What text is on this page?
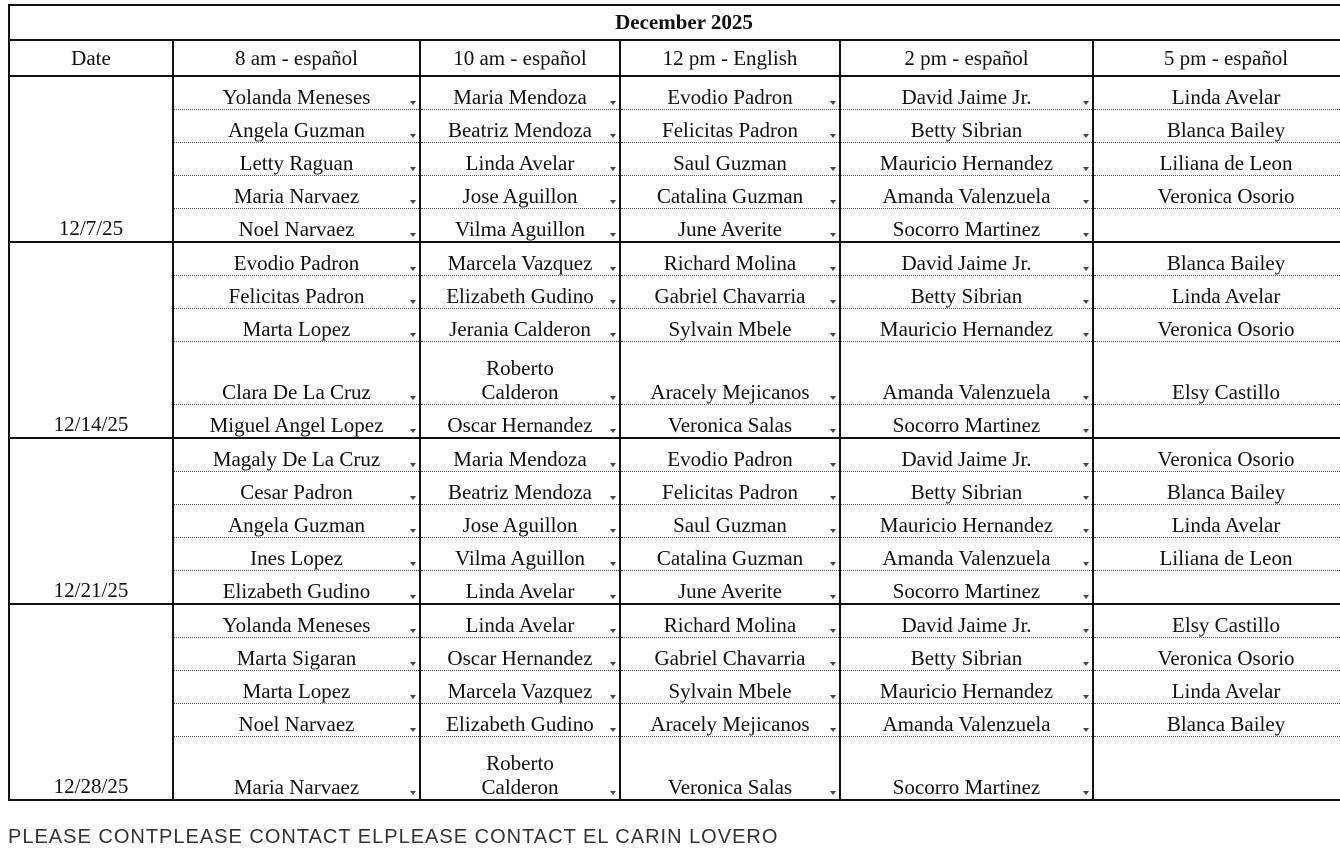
December 2025					
Date	8 am - español	10 am - español	12 pm - English	2 pm - español	5 pm - español
12/7/25	Yolanda Meneses	Maria Mendoza	Evodio Padron	David Jaime Jr.	Linda Avelar

	Angela Guzman	Beatriz Mendoza	Felicitas Padron	Betty Sibrian	Blanca Bailey

	Letty Raguan	Linda Avelar	Saul Guzman	Mauricio Hernandez	Liliana de Leon

	Maria Narvaez	Jose Aguillon	Catalina Guzman	Amanda Valenzuela	Veronica Osorio

	Noel Narvaez	Vilma Aguillon	June Averite	Socorro Martinez

12/14/25	Evodio Padron	Marcela Vazquez	Richard Molina	David Jaime Jr.	Blanca Bailey

	Felicitas Padron	Elizabeth Gudino	Gabriel Chavarria	Betty Sibrian	Linda Avelar

	Marta Lopez	Jerania Calderon	Sylvain Mbele	Mauricio Hernandez	Veronica Osorio

	Clara De La Cruz	Roberto Calderon	Aracely Mejicanos	Amanda Valenzuela	Elsy Castillo

	Miguel Angel Lopez	Oscar Hernandez	Veronica Salas	Socorro Martinez

12/21/25	Magaly De La Cruz	Maria Mendoza	Evodio Padron	David Jaime Jr.	Veronica Osorio

	Cesar Padron	Beatriz Mendoza	Felicitas Padron	Betty Sibrian	Blanca Bailey

	Angela Guzman	Jose Aguillon	Saul Guzman	Mauricio Hernandez	Linda Avelar

	Ines Lopez	Vilma Aguillon	Catalina Guzman	Amanda Valenzuela	Liliana de Leon

	Elizabeth Gudino	Linda Avelar	June Averite	Socorro Martinez

12/28/25	Yolanda Meneses	Linda Avelar	Richard Molina	David Jaime Jr.	Elsy Castillo

	Marta Sigaran	Oscar Hernandez	Gabriel Chavarria	Betty Sibrian	Veronica Osorio

	Marta Lopez	Marcela Vazquez	Sylvain Mbele	Mauricio Hernandez	Linda Avelar

	Noel Narvaez	Elizabeth Gudino	Aracely Mejicanos	Amanda Valenzuela	Blanca Bailey

	Maria Narvaez	Roberto Calderon	Veronica Salas	Socorro Martinez

PLEASE CONTPLEASE CONTACT ELPLEASE CONTACT EL CARIN LOVERO
